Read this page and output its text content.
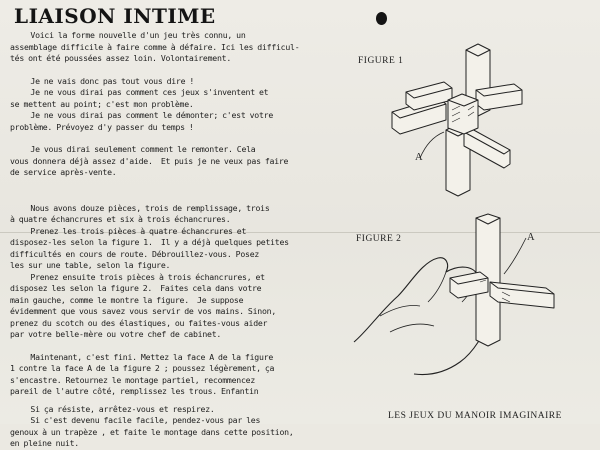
LIAISON INTIME

Voici la forme nouvelle d'un jeu très connu, un

assemblage difficile à faire comme à défaire. Ici les difficul-

tés ont été poussées assez loin. Volontairement.

Je ne vais donc pas tout vous dire !

Je ne vous dirai pas comment ces jeux s'inventent et

se mettent au point; c'est mon problème.

Je ne vous dirai pas comment le démonter; c'est votre

problème. Prévoyez d'y passer du temps !

Je vous dirai seulement comment le remonter. Cela

vous donnera déjà assez d'aide.  Et puis je ne veux pas faire

de service après-vente.

Nous avons douze pièces, trois de remplissage, trois

à quatre échancrures et six à trois échancrures.

Prenez les trois pièces à quatre échancrures et

disposez-les selon la figure 1.  Il y a déjà quelques petites

difficultés en cours de route. Débrouillez-vous. Posez

les sur une table, selon la figure.

Prenez ensuite trois pièces à trois échancrures, et

disposez les selon la figure 2.  Faites cela dans votre

main gauche, comme le montre la figure.  Je suppose

évidemment que vous savez vous servir de vos mains. Sinon,

prenez du scotch ou des élastiques, ou faites-vous aider

par votre belle-mère ou votre chef de cabinet.

Maintenant, c'est fini. Mettez la face A de la figure

1 contre la face A de la figure 2 ; poussez légèrement, ça

s'encastre. Retournez le montage partiel, recommencez

pareil de l'autre côté, remplissez les trous. Enfantin

Si ça résiste, arrêtez-vous et respirez.

Si c'est devenu facile facile, pendez-vous par les

genoux à un trapèze , et faite le montage dans cette position,

en pleine nuit.

FIGURE 1

A

FIGURE 2	A

LES JEUX DU MANOIR IMAGINAIRE
